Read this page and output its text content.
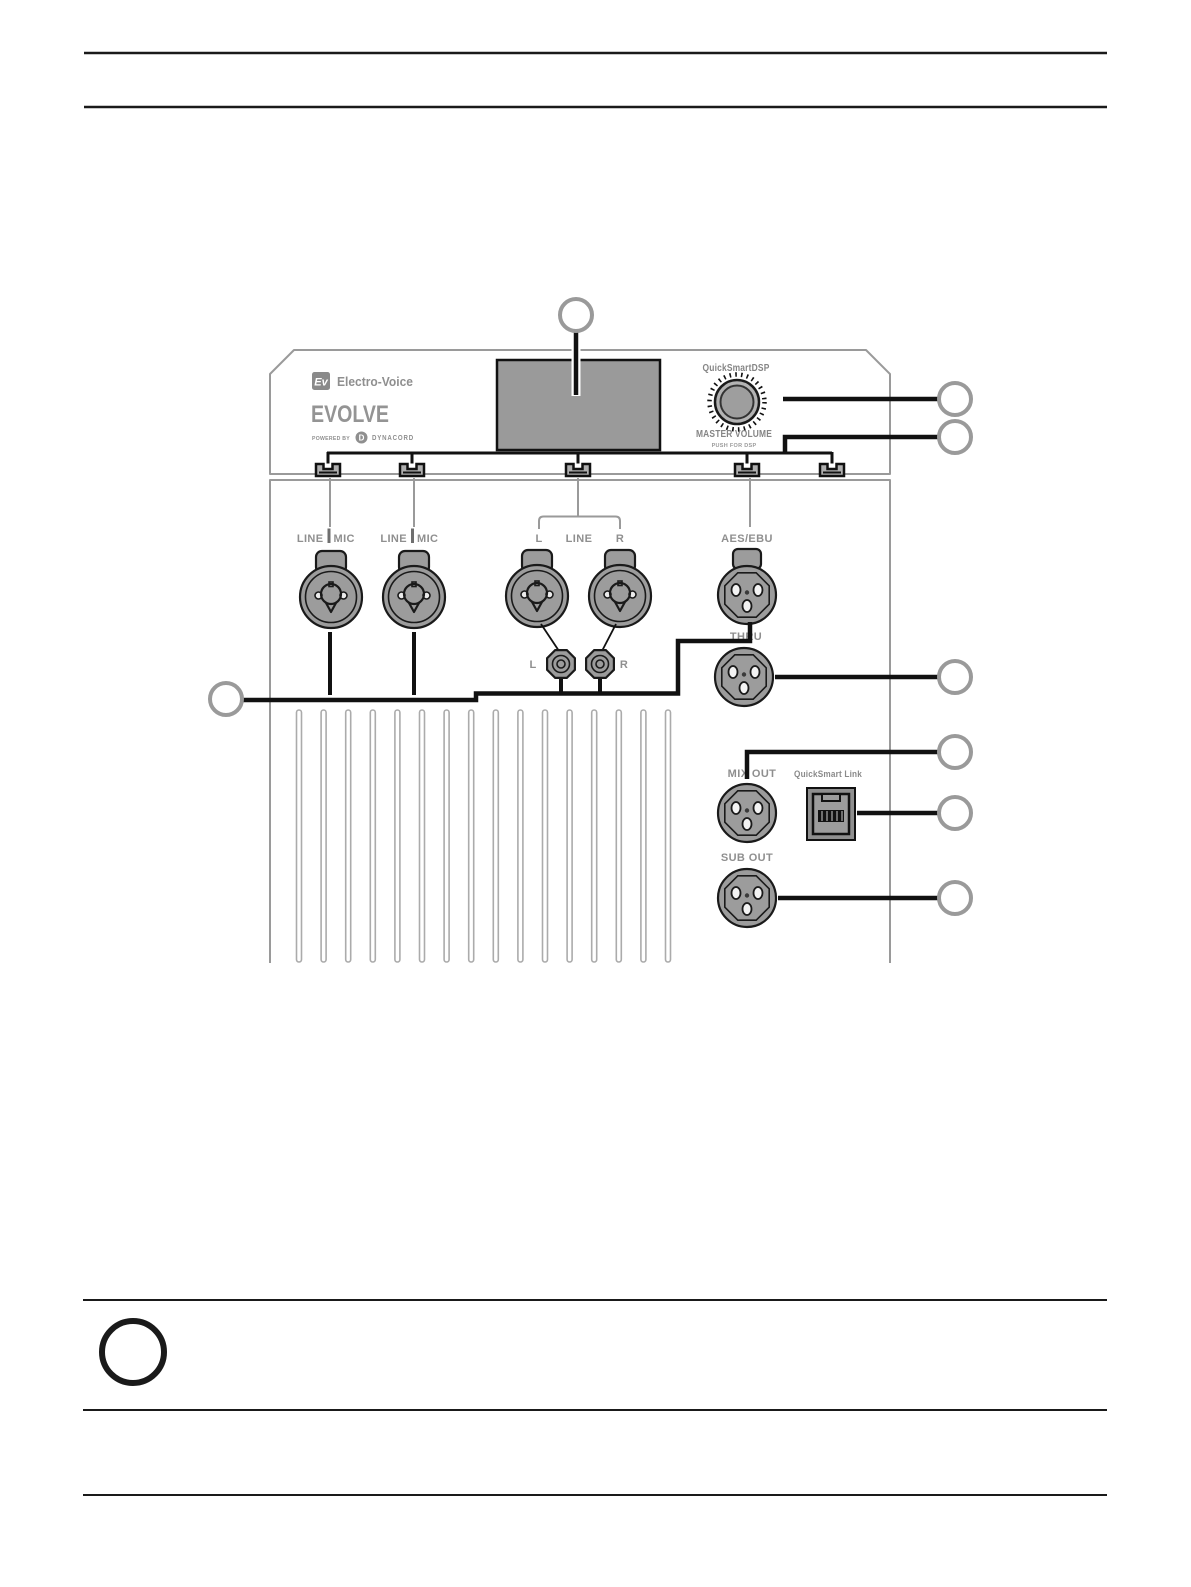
Ev Electro-Voice
EVOLVE
POWERED BY D DYNACORD
QuickSmartDSP
MASTER VOLUME
PUSH FOR DSP
LINE MIC LINE MIC	L LINE R	AES/EBU
THRU
L	R
MIX OUT QuickSmart Link
SUB OUT
